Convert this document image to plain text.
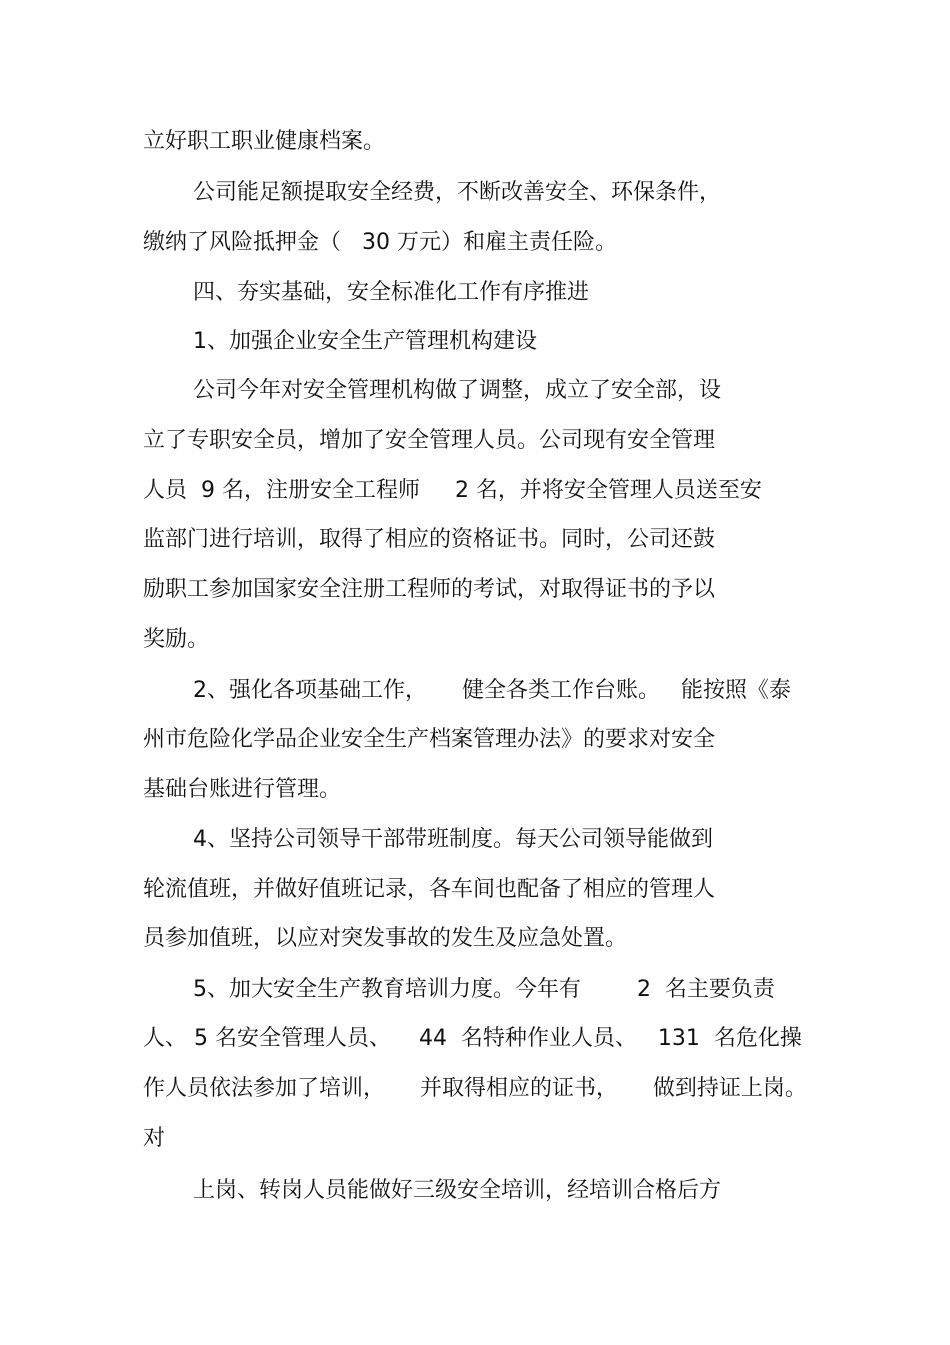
立好职工职业健康档案。
公司能足额提取安全经费，不断改善安全、环保条件，
缴纳了风险抵押金（   30 万元）和雇主责任险。
四、夯实基础，安全标准化工作有序推进
1、加强企业安全生产管理机构建设
公司今年对安全管理机构做了调整，成立了安全部，设
立了专职安全员，增加了安全管理人员。公司现有安全管理
人员  9 名，注册安全工程师     2 名，并将安全管理人员送至安
监部门进行培训，取得了相应的资格证书。同时，公司还鼓
励职工参加国家安全注册工程师的考试，对取得证书的予以
奖励。
2、强化各项基础工作，     健全各类工作台账。   能按照《泰
州市危险化学品企业安全生产档案管理办法》的要求对安全
基础台账进行管理。
4、坚持公司领导干部带班制度。每天公司领导能做到
轮流值班，并做好值班记录，各车间也配备了相应的管理人
员参加值班，以应对突发事故的发生及应急处置。
5、加大安全生产教育培训力度。今年有        2  名主要负责
人、 5 名安全管理人员、    44  名特种作业人员、   131  名危化操
作人员依法参加了培训，     并取得相应的证书，     做到持证上岗。
对
上岗、转岗人员能做好三级安全培训，经培训合格后方
